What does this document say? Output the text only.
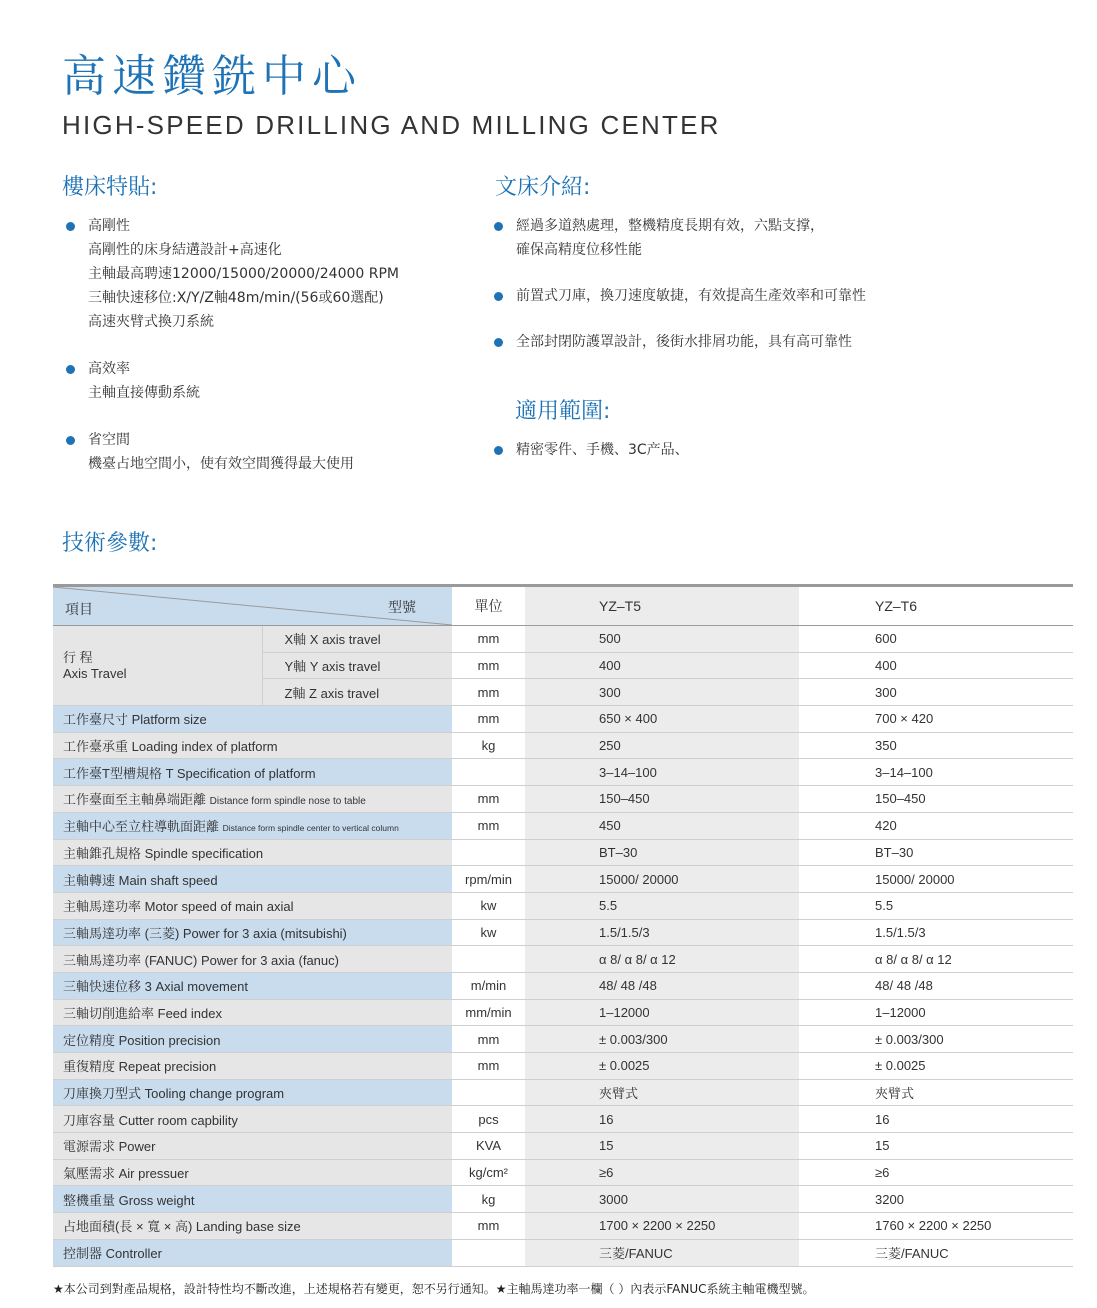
高速鑽銑中心
HIGH-SPEED DRILLING AND MILLING CENTER
樓床特貼:
高剛性
高剛性的床身結遘設計+高速化
主軸最高聘速12000/15000/20000/24000 RPM
三軸快速移位:X/Y/Z軸48m/min/(56或60選配)
高速夾臂式換刀系統
高效率
主軸直接傳動系統
省空間
機臺占地空間小，使有效空間獲得最大使用
文床介紹:
經過多道熱處理，整機精度長期有效，六點支撑，
確保高精度位移性能
前置式刀庫，換刀速度敏捷，有效提高生產效率和可靠性
全部封閉防護罩設計，後街水排屑功能，具有高可靠性
適用範圍:
精密零件、手機、3C产品、
技術參數:
項目 型號		單位	YZ–T5	YZ–T6

行 程
Axis Travel	X軸 X axis travel	mm	500	600
	Y軸 Y axis travel	mm	400	400
	Z軸 Z axis travel	mm	300	300
工作臺尺寸 Platform size		mm	650 × 400	700 × 420
工作臺承重 Loading index of platform		kg	250	350
工作臺T型槽規格 T Specification of platform			3–14–100	3–14–100
工作臺面至主軸鼻端距離 Distance form spindle nose to table		mm	150–450	150–450
主軸中心至立柱導軌面距離 Distance form spindle center to vertical column		mm	450	420
主軸錐孔規格 Spindle specification			BT–30	BT–30
主軸轉速 Main shaft speed		rpm/min	15000/ 20000	15000/ 20000
主軸馬達功率 Motor speed of main axial		kw	5.5	5.5
三軸馬達功率 (三菱) Power for 3 axia (mitsubishi)		kw	1.5/1.5/3	1.5/1.5/3
三軸馬達功率 (FANUC) Power for 3 axia (fanuc)			α 8/ α 8/ α 12	α 8/ α 8/ α 12
三軸快速位移 3 Axial movement		m/min	48/ 48 /48	48/ 48 /48
三軸切削進給率 Feed index		mm/min	1–12000	1–12000
定位精度 Position precision		mm	± 0.003/300	± 0.003/300
重復精度 Repeat precision		mm	± 0.0025	± 0.0025
刀庫換刀型式 Tooling change program			夾臂式	夾臂式
刀庫容量 Cutter room capbility		pcs	16	16
電源需求 Power		KVA	15	15
氣壓需求 Air pressuer		kg/cm²	≥6	≥6
整機重量 Gross weight		kg	3000	3200
占地面積(長 × 寬 × 高) Landing base size		mm	1700 × 2200 × 2250	1760 × 2200 × 2250
控制器 Controller			三菱/FANUC	三菱/FANUC
★本公司到對產品規格，設計特性均不斷改進，上述規格若有變更，恕不另行通知。★主軸馬達功率一欄（ ）內表示FANUC系統主軸電機型號。
